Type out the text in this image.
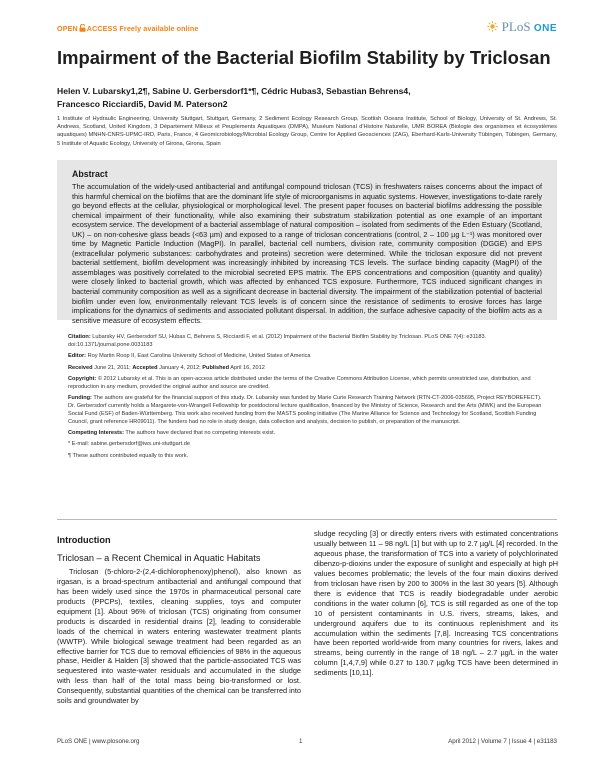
OPEN ACCESS Freely available online	PLoS ONE
Impairment of the Bacterial Biofilm Stability by Triclosan
Helen V. Lubarsky1,2¶, Sabine U. Gerbersdorf1*¶, Cédric Hubas3, Sebastian Behrens4,
Francesco Ricciardi5, David M. Paterson2
1 Institute of Hydraulic Engineering, University Stuttgart, Stuttgart, Germany, 2 Sediment Ecology Research Group, Scottish Oceans Institute, School of Biology, University of St. Andrews, St. Andrews, Scotland, United Kingdom, 3 Département Milieux et Peuplements Aquatiques (DMPA), Muséum National d'Histoire Naturelle, UMR BOREA (Biologie des organismes et écosystèmes aquatiques) MNHN-CNRS-UPMC-IRD, Paris, France, 4 Geomicrobiology/Microbial Ecology Group, Centre for Applied Geosciences (ZAG), Eberhard-Karls-University Tübingen, Tübingen, Germany, 5 Institute of Aquatic Ecology, University of Girona, Girona, Spain
Abstract
The accumulation of the widely-used antibacterial and antifungal compound triclosan (TCS) in freshwaters raises concerns about the impact of this harmful chemical on the biofilms that are the dominant life style of microorganisms in aquatic systems. However, investigations to-date rarely go beyond effects at the cellular, physiological or morphological level. The present paper focuses on bacterial biofilms addressing the possible chemical impairment of their functionality, while also examining their substratum stabilization potential as one example of an important ecosystem service. The development of a bacterial assemblage of natural composition – isolated from sediments of the Eden Estuary (Scotland, UK) – on non-cohesive glass beads (<63 µm) and exposed to a range of triclosan concentrations (control, 2 – 100 µg L⁻¹) was monitored over time by Magnetic Particle Induction (MagPI). In parallel, bacterial cell numbers, division rate, community composition (DGGE) and EPS (extracellular polymeric substances: carbohydrates and proteins) secretion were determined. While the triclosan exposure did not prevent bacterial settlement, biofilm development was increasingly inhibited by increasing TCS levels. The surface binding capacity (MagPI) of the assemblages was positively correlated to the microbial secreted EPS matrix. The EPS concentrations and composition (quantity and quality) were closely linked to bacterial growth, which was affected by enhanced TCS exposure. Furthermore, TCS induced significant changes in bacterial community composition as well as a significant decrease in bacterial diversity. The impairment of the stabilization potential of bacterial biofilm under even low, environmentally relevant TCS levels is of concern since the resistance of sediments to erosive forces has large implications for the dynamics of sediments and associated pollutant dispersal. In addition, the surface adhesive capacity of the biofilm acts as a sensitive measure of ecosystem effects.
Citation: Lubarsky HV, Gerbersdorf SU, Hubas C, Behrens S, Ricciardi F, et al. (2012) Impairment of the Bacterial Biofilm Stability by Triclosan. PLoS ONE 7(4): e31183. doi:10.1371/journal.pone.0031183
Editor: Roy Martin Roop II, East Carolina University School of Medicine, United States of America
Received June 21, 2011; Accepted January 4, 2012; Published April 16, 2012
Copyright: © 2012 Lubarsky et al. This is an open-access article distributed under the terms of the Creative Commons Attribution License, which permits unrestricted use, distribution, and reproduction in any medium, provided the original author and source are credited.
Funding: The authors are grateful for the financial support of this study. Dr. Lubarsky was funded by Marie Curie Research Training Network (RTN-CT-2006-035695, Project REYBOREFECT). Dr. Gerbersdorf currently holds a Margarete-von-Wrangell Fellowship for postdoctoral lecture qualification, financed by the Ministry of Science, Research and the Arts (MWK) and the European Social Fund (ESF) of Baden-Württemberg. This work also received funding from the MASTS pooling initiative (The Marine Alliance for Science and Technology for Scotland, Scottish Funding Council, grant reference HR09011). The funders had no role in study design, data collection and analysis, decision to publish, or preparation of the manuscript.
Competing Interests: The authors have declared that no competing interests exist.
* E-mail: sabine.gerbersdorf@iws.uni-stuttgart.de
¶ These authors contributed equally to this work.
Introduction
Triclosan – a Recent Chemical in Aquatic Habitats
Triclosan (5-chloro-2-(2,4-dichlorophenoxy)phenol), also known as irgasan, is a broad-spectrum antibacterial and antifungal compound that has been widely used since the 1970s in pharmaceutical personal care products (PPCPs), textiles, cleaning supplies, toys and computer equipment [1]. About 96% of triclosan (TCS) originating from consumer products is discarded in residential drains [2], leading to considerable loads of the chemical in waters entering wastewater treatment plants (WWTP). While biological sewage treatment had been regarded as an effective barrier for TCS due to removal efficiencies of 98% in the aqueous phase, Heidler & Halden [3] showed that the particle-associated TCS was sequestered into waste-water residuals and accumulated in the sludge with less than half of the total mass being bio-transformed or lost. Consequently, substantial quantities of the chemical can be transferred into soils and groundwater by
sludge recycling [3] or directly enters rivers with estimated concentrations usually between 11 – 98 ng/L [1] but with up to 2.7 µg/L [4] recorded. In the aqueous phase, the transformation of TCS into a variety of polychlorinated dibenzo-p-dioxins under the exposure of sunlight and especially at high pH values becomes problematic; the levels of the four main dioxins derived from triclosan have risen by 200 to 300% in the last 30 years [5]. Although there is evidence that TCS is readily biodegradable under aerobic conditions in the water column [6], TCS is still regarded as one of the top 10 of persistent contaminants in U.S. rivers, streams, lakes, and underground aquifers due to its continuous replenishment and its accumulation within the sediments [7,8]. Increasing TCS concentrations have been reported world-wide from many countries for rivers, lakes and streams, being currently in the range of 18 ng/L – 2.7 µg/L in the water column [1,4,7,9] while 0.27 to 130.7 µg/kg TCS have been determined in sediments [10,11].
PLoS ONE | www.plosone.org	1	April 2012 | Volume 7 | Issue 4 | e31183
